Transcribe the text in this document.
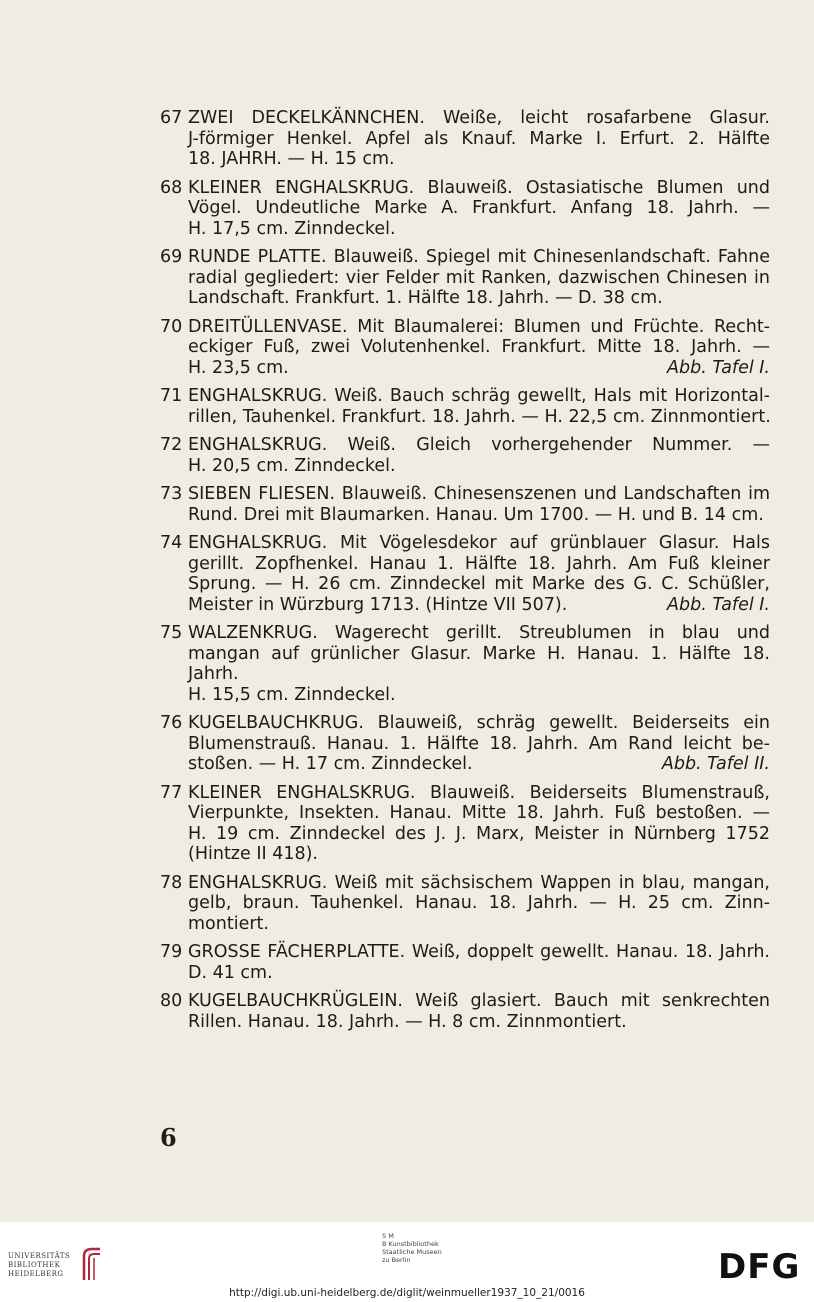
67 ZWEI DECKELKÄNNCHEN. Weiße, leicht rosafarbene Glasur.
J-förmiger Henkel. Apfel als Knauf. Marke I. Erfurt. 2. Hälfte
18. JAHRH. — H. 15 cm.
68 KLEINER ENGHALSKRUG. Blauweiß. Ostasiatische Blumen und
Vögel. Undeutliche Marke A. Frankfurt. Anfang 18. Jahrh. —
H. 17,5 cm. Zinndeckel.
69 RUNDE PLATTE. Blauweiß. Spiegel mit Chinesenlandschaft. Fahne
radial gegliedert: vier Felder mit Ranken, dazwischen Chinesen in
Landschaft. Frankfurt. 1. Hälfte 18. Jahrh. — D. 38 cm.
70 DREITÜLLENVASE. Mit Blaumalerei: Blumen und Früchte. Recht-
eckiger Fuß, zwei Volutenhenkel. Frankfurt. Mitte 18. Jahrh. —
H. 23,5 cm.	Abb. Tafel I.
71 ENGHALSKRUG. Weiß. Bauch schräg gewellt, Hals mit Horizontal-
rillen, Tauhenkel. Frankfurt. 18. Jahrh. — H. 22,5 cm. Zinnmontiert.
72 ENGHALSKRUG. Weiß. Gleich vorhergehender Nummer. —
H. 20,5 cm. Zinndeckel.
73 SIEBEN FLIESEN. Blauweiß. Chinesenszenen und Landschaften im
Rund. Drei mit Blaumarken. Hanau. Um 1700. — H. und B. 14 cm.
74 ENGHALSKRUG. Mit Vögelesdekor auf grünblauer Glasur. Hals
gerillt. Zopfhenkel. Hanau 1. Hälfte 18. Jahrh. Am Fuß kleiner
Sprung. — H. 26 cm. Zinndeckel mit Marke des G. C. Schüßler,
Meister in Würzburg 1713. (Hintze VII 507).	Abb. Tafel I.
75 WALZENKRUG. Wagerecht gerillt. Streublumen in blau und
mangan auf grünlicher Glasur. Marke H. Hanau. 1. Hälfte 18. Jahrh.
H. 15,5 cm. Zinndeckel.
76 KUGELBAUCHKRUG. Blauweiß, schräg gewellt. Beiderseits ein
Blumenstrauß. Hanau. 1. Hälfte 18. Jahrh. Am Rand leicht be-
stoßen. — H. 17 cm. Zinndeckel.	Abb. Tafel II.
77 KLEINER ENGHALSKRUG. Blauweiß. Beiderseits Blumenstrauß,
Vierpunkte, Insekten. Hanau. Mitte 18. Jahrh. Fuß bestoßen. —
H. 19 cm. Zinndeckel des J. J. Marx, Meister in Nürnberg 1752
(Hintze II 418).
78 ENGHALSKRUG. Weiß mit sächsischem Wappen in blau, mangan,
gelb, braun. Tauhenkel. Hanau. 18. Jahrh. — H. 25 cm. Zinn-
montiert.
79 GROSSE FÄCHERPLATTE. Weiß, doppelt gewellt. Hanau. 18. Jahrh.
D. 41 cm.
80 KUGELBAUCHKRÜGLEIN. Weiß glasiert. Bauch mit senkrechten
Rillen. Hanau. 18. Jahrh. — H. 8 cm. Zinnmontiert.
6
UNIVERSITÄTS
BIBLIOTHEK
HEIDELBERG
S M
B Kunstbibliothek
Staatliche Museen
zu Berlin	DFG
http://digi.ub.uni-heidelberg.de/diglit/weinmueller1937_10_21/0016
